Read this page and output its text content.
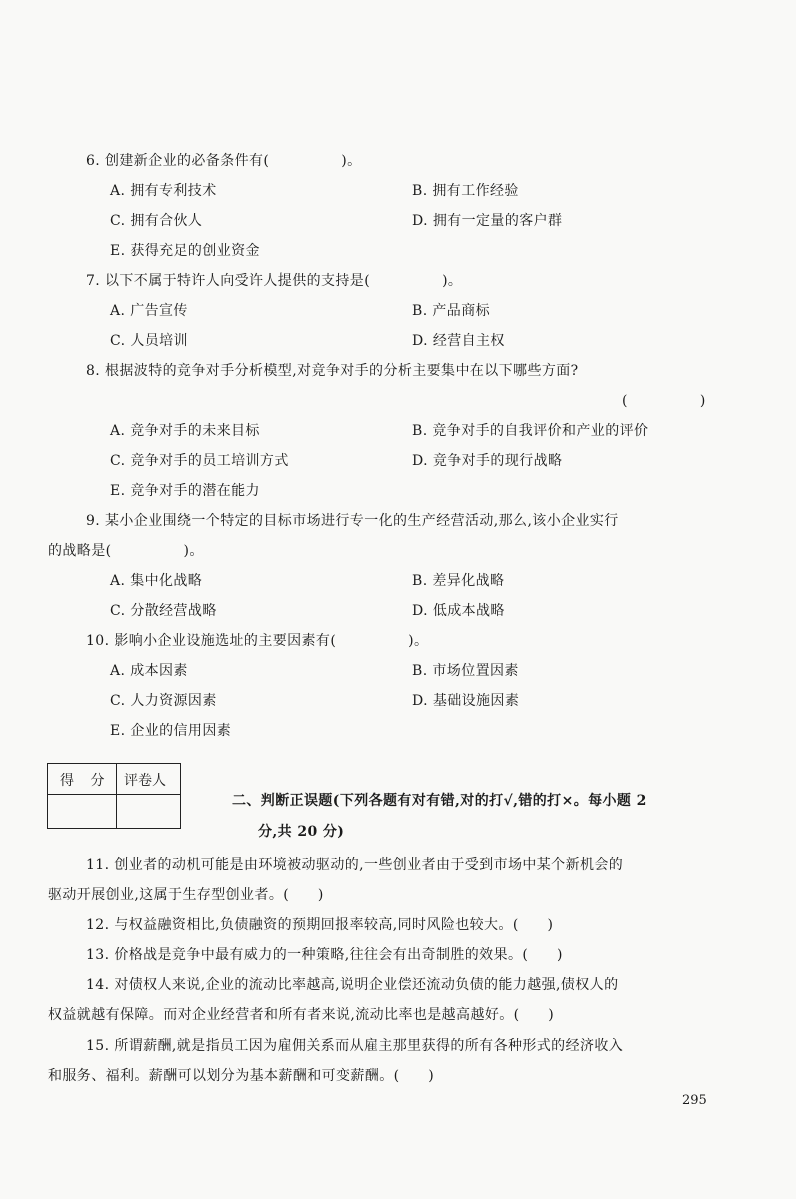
6. 创建新企业的必备条件有(　　　　　)。
A. 拥有专利技术	B. 拥有工作经验
C. 拥有合伙人	D. 拥有一定量的客户群
E. 获得充足的创业资金
7. 以下不属于特许人向受许人提供的支持是(　　　　　)。
A. 广告宣传	B. 产品商标
C. 人员培训	D. 经营自主权
8. 根据波特的竞争对手分析模型,对竞争对手的分析主要集中在以下哪些方面?
(　　　　　)
A. 竞争对手的未来目标	B. 竞争对手的自我评价和产业的评价
C. 竞争对手的员工培训方式	D. 竞争对手的现行战略
E. 竞争对手的潜在能力
9. 某小企业围绕一个特定的目标市场进行专一化的生产经营活动,那么,该小企业实行
的战略是(　　　　　)。
A. 集中化战略	B. 差异化战略
C. 分散经营战略	D. 低成本战略
10. 影响小企业设施选址的主要因素有(　　　　　)。
A. 成本因素	B. 市场位置因素
C. 人力资源因素	D. 基础设施因素
E. 企业的信用因素
得 分 评卷人
二、判断正误题(下列各题有对有错,对的打√,错的打×。每小题 2
分,共 20 分)
11. 创业者的动机可能是由环境被动驱动的,一些创业者由于受到市场中某个新机会的
驱动开展创业,这属于生存型创业者。(　　)
12. 与权益融资相比,负债融资的预期回报率较高,同时风险也较大。(　　)
13. 价格战是竞争中最有威力的一种策略,往往会有出奇制胜的效果。(　　)
14. 对债权人来说,企业的流动比率越高,说明企业偿还流动负债的能力越强,债权人的
权益就越有保障。而对企业经营者和所有者来说,流动比率也是越高越好。(　　)
15. 所谓薪酬,就是指员工因为雇佣关系而从雇主那里获得的所有各种形式的经济收入
和服务、福利。薪酬可以划分为基本薪酬和可变薪酬。(　　)
295
